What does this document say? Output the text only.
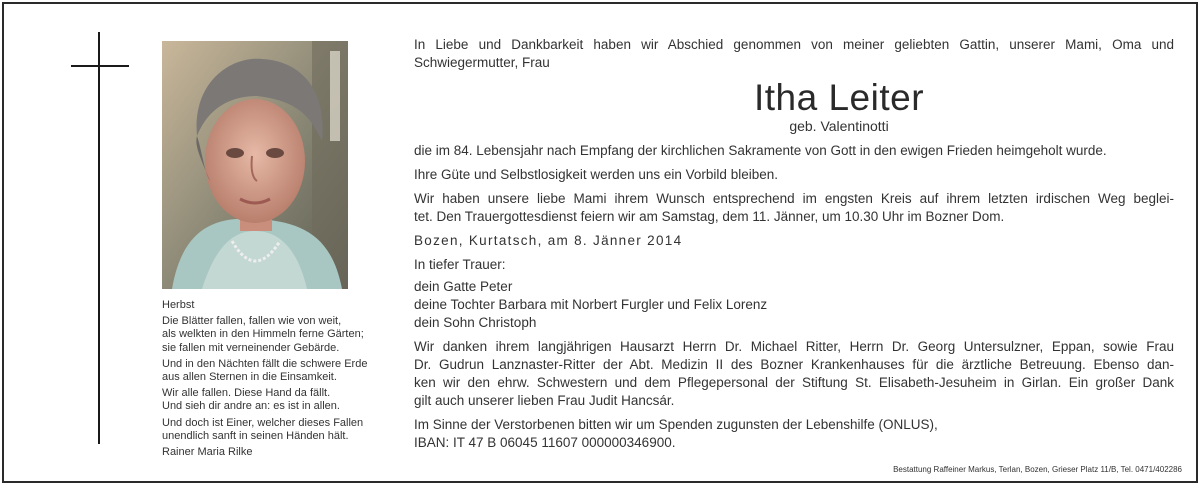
Herbst
Die Blätter fallen, fallen wie von weit,
als welkten in den Himmeln ferne Gärten;
sie fallen mit verneinender Gebärde.
Und in den Nächten fällt die schwere Erde
aus allen Sternen in die Einsamkeit.
Wir alle fallen. Diese Hand da fällt.
Und sieh dir andre an: es ist in allen.
Und doch ist Einer, welcher dieses Fallen
unendlich sanft in seinen Händen hält.
Rainer Maria Rilke
In Liebe und Dankbarkeit haben wir Abschied genommen von meiner geliebten Gattin, unserer Mami, Oma und
Schwiegermutter, Frau
Itha Leiter
geb. Valentinotti
die im 84. Lebensjahr nach Empfang der kirchlichen Sakramente von Gott in den ewigen Frieden heimgeholt wurde.
Ihre Güte und Selbstlosigkeit werden uns ein Vorbild bleiben.
Wir haben unsere liebe Mami ihrem Wunsch entsprechend im engsten Kreis auf ihrem letzten irdischen Weg beglei-
tet. Den Trauergottesdienst feiern wir am Samstag, dem 11. Jänner, um 10.30 Uhr im Bozner Dom.
Bozen, Kurtatsch, am 8. Jänner 2014
In tiefer Trauer:
dein Gatte Peter
deine Tochter Barbara mit Norbert Furgler und Felix Lorenz
dein Sohn Christoph
Wir danken ihrem langjährigen Hausarzt Herrn Dr. Michael Ritter, Herrn Dr. Georg Untersulzner, Eppan, sowie Frau
Dr. Gudrun Lanznaster-Ritter der Abt. Medizin II des Bozner Krankenhauses für die ärztliche Betreuung. Ebenso dan-
ken wir den ehrw. Schwestern und dem Pflegepersonal der Stiftung St. Elisabeth-Jesuheim in Girlan. Ein großer Dank
gilt auch unserer lieben Frau Judit Hancsár.
Im Sinne der Verstorbenen bitten wir um Spenden zugunsten der Lebenshilfe (ONLUS),
IBAN: IT 47 B 06045 11607 000000346900.
Bestattung Raffeiner Markus, Terlan, Bozen, Grieser Platz 11/B, Tel. 0471/402286
